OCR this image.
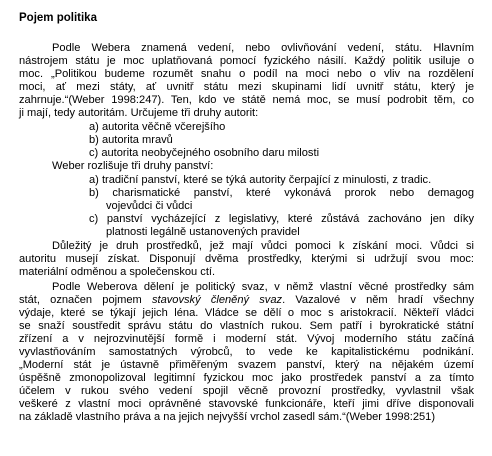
Pojem politika
Podle Webera znamená vedení, nebo ovlivňování vedení, státu. Hlavním
nástrojem státu je moc uplatňovaná pomocí fyzického násilí. Každý politik usiluje o
moc. „Politikou budeme rozumět snahu o podíl na moci nebo o vliv na rozdělení
moci, ať mezi státy, ať uvnitř státu mezi skupinami lidí uvnitř státu, který je
zahrnuje.“(Weber 1998:247). Ten, kdo ve státě nemá moc, se musí podrobit těm, co
ji mají, tedy autoritám. Určujeme tři druhy autorit:
a) autorita věčně včerejšího
b) autorita mravů
c) autorita neobyčejného osobního daru milosti
Weber rozlišuje tři druhy panství:
a) tradiční panství, které se týká autority čerpající z minulosti, z tradic.
b) charismatické panství, které vykonává prorok nebo demagog
vojevůdci či vůdci
c) panství vycházející z legislativy, které zůstává zachováno jen díky
platnosti legálně ustanovených pravidel
Důležitý je druh prostředků, jež mají vůdci pomoci k získání moci. Vůdci si
autoritu musejí získat. Disponují dvěma prostředky, kterými si udržují svou moc:
materiální odměnou a společenskou ctí.
Podle Weberova dělení je politický svaz, v němž vlastní věcné prostředky sám
stát, označen pojmem stavovský členěný svaz. Vazalové v něm hradí všechny
výdaje, které se týkají jejich léna. Vládce se dělí o moc s aristokracií. Někteří vládci
se snaží soustředit správu státu do vlastních rukou. Sem patří i byrokratické státní
zřízení a v nejrozvinutější formě i moderní stát. Vývoj moderního státu začíná
vyvlastňováním samostatných výrobců, to vede ke kapitalistickému podnikání.
„Moderní stát je ústavně přiměřeným svazem panství, který na nějakém území
úspěšně zmonopolizoval legitimní fyzickou moc jako prostředek panství a za tímto
účelem v rukou svého vedení spojil věcně provozní prostředky, vyvlastnil však
veškeré z vlastní moci oprávněné stavovské funkcionáře, kteří jimi dříve disponovali
na základě vlastního práva a na jejich nejvyšší vrchol zasedl sám.“(Weber 1998:251)
